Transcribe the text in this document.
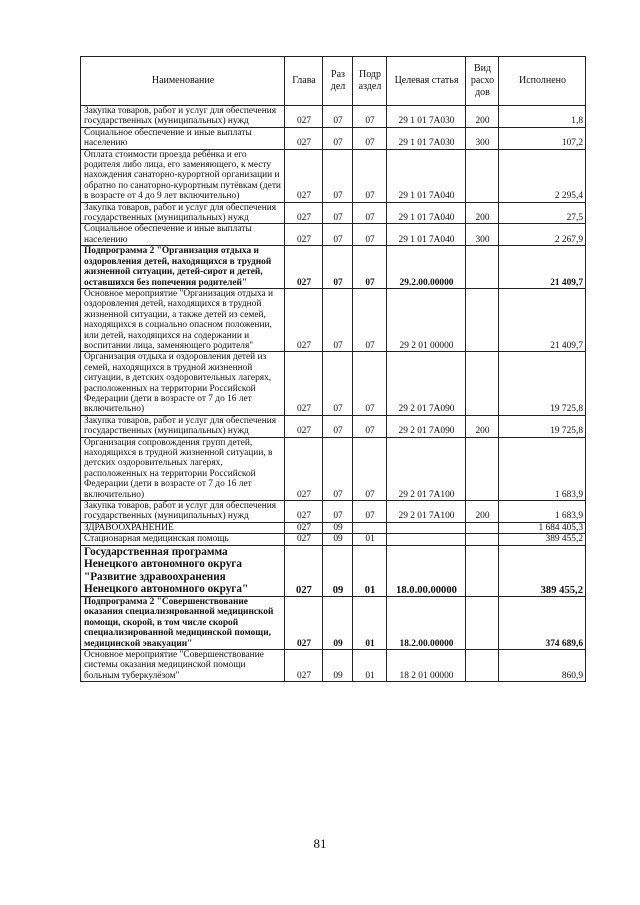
Наименование	Глава	Раз дел	Подр аздел	Целевая статья	Вид расхо дов	Исполнено
Закупка товаров, работ и услуг для обеспечения государственных (муниципальных) нужд	027	07	07	29 1 01 7А030	200	1,8
Социальное обеспечение и иные выплаты населению	027	07	07	29 1 01 7А030	300	107,2
Оплата стоимости проезда ребёнка и его родителя либо лица, его заменяющего, к месту нахождения санаторно-курортной организации и обратно по санаторно-курортным путёвкам (дети в возрасте от 4 до 9 лет включительно)	027	07	07	29 1 01 7А040		2 295,4
Закупка товаров, работ и услуг для обеспечения государственных (муниципальных) нужд	027	07	07	29 1 01 7А040	200	27,5
Социальное обеспечение и иные выплаты населению	027	07	07	29 1 01 7А040	300	2 267,9
Подпрограмма 2 "Организация отдыха и оздоровления детей, находящихся в трудной жизненной ситуации, детей-сирот и детей, оставшихся без попечения родителей"	027	07	07	29.2.00.00000		21 409,7
Основное мероприятие "Организация отдыха и оздоровления детей, находящихся в трудной жизненной ситуации, а также детей из семей, находящихся в социально опасном положении, или детей, находящихся на содержании и воспитании лица, заменяющего родителя"	027	07	07	29 2 01 00000		21 409,7
Организация отдыха и оздоровления детей из семей, находящихся в трудной жизненной ситуации, в детских оздоровительных лагерях, расположенных на территории Российской Федерации (дети в возрасте от 7 до 16 лет включительно)	027	07	07	29 2 01 7А090		19 725,8
Закупка товаров, работ и услуг для обеспечения государственных (муниципальных) нужд	027	07	07	29 2 01 7А090	200	19 725,8
Организация сопровождения групп детей, находящихся в трудной жизненной ситуации, в детских оздоровительных лагерях, расположенных на территории Российской Федерации (дети в возрасте от 7 до 16 лет включительно)	027	07	07	29 2 01 7А100		1 683,9
Закупка товаров, работ и услуг для обеспечения государственных (муниципальных) нужд	027	07	07	29 2 01 7А100	200	1 683,9
ЗДРАВООХРАНЕНИЕ	027	09				1 684 405,3
Стационарная медицинская помощь	027	09	01			389 455,2
Государственная программа Ненецкого автономного округа "Развитие здравоохранения Ненецкого автономного округа"	027	09	01	18.0.00.00000		389 455,2
Подпрограмма 2 "Совершенствование оказания специализированной медицинской помощи, скорой, в том числе скорой специализированной медицинской помощи, медицинской эвакуации"	027	09	01	18.2.00.00000		374 689,6
Основное мероприятие "Совершенствование системы оказания медицинской помощи больным туберкулёзом"	027	09	01	18 2 01 00000		860,9
81
